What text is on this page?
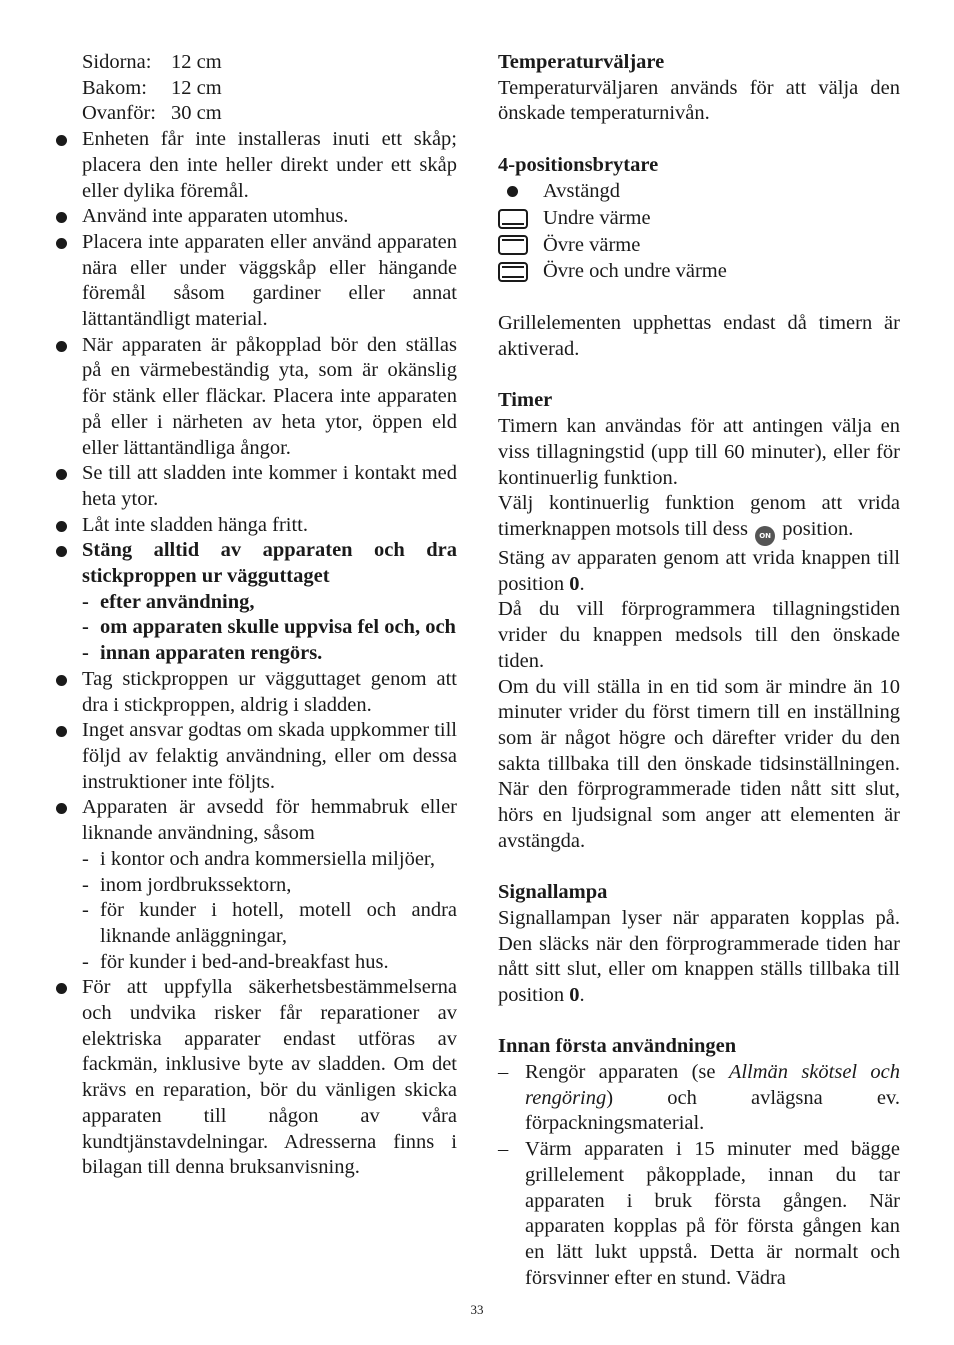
Sidorna: 12 cm
Bakom: 12 cm
Ovanför: 30 cm

Enheten får inte installeras inuti ett skåp; placera den inte heller direkt under ett skåp eller dylika föremål.

Använd inte apparaten utomhus.

Placera inte apparaten eller använd apparaten nära eller under väggskåp eller hängande föremål såsom gardiner eller annat lättantändligt material.

När apparaten är påkopplad bör den ställas på en värmebeständig yta, som är okänslig för stänk eller fläckar. Placera inte apparaten på eller i närheten av heta ytor, öppen eld eller lättantändliga ångor.

Se till att sladden inte kommer i kontakt med heta ytor.

Låt inte sladden hänga fritt.

Stäng alltid av apparaten och dra stickproppen ur vägguttaget

- efter användning,

- om apparaten skulle uppvisa fel och, och

- innan apparaten rengörs.

Tag stickproppen ur vägguttaget genom att dra i stickproppen, aldrig i sladden.

Inget ansvar godtas om skada uppkommer till följd av felaktig användning, eller om dessa instruktioner inte följts.

Apparaten är avsedd för hemmabruk eller liknande användning, såsom

- i kontor och andra kommersiella miljöer,

- inom jordbrukssektorn,

- för kunder i hotell, motell och andra liknande anläggningar,

- för kunder i bed-and-breakfast hus.

För att uppfylla säkerhetsbestämmelserna och undvika risker får reparationer av elektriska apparater endast utföras av fackmän, inklusive byte av sladden. Om det krävs en reparation, bör du vänligen skicka apparaten till någon av våra kundtjänstavdelningar. Adresserna finns i bilagan till denna bruksanvisning.

Temperaturväljare

Temperaturväljaren används för att välja den önskade temperaturnivån.

4-positionsbrytare
Avstängd
Undre värme
Övre värme
Övre och undre värme

Grillelementen upphettas endast då timern är aktiverad.

Timer

Timern kan användas för att antingen välja en viss tillagningstid (upp till 60 minuter), eller för kontinuerlig funktion.

Välj kontinuerlig funktion genom att vrida timerknappen motsols till dess ON position.

Stäng av apparaten genom att vrida knappen till position 0.

Då du vill förprogrammera tillagningstiden vrider du knappen medsols till den önskade tiden.

Om du vill ställa in en tid som är mindre än 10 minuter vrider du först timern till en inställning som är något högre och därefter vrider du den sakta tillbaka till den önskade tidsinställningen. När den förprogrammerade tiden nått sitt slut, hörs en ljudsignal som anger att elementen är avstängda.

Signallampa

Signallampan lyser när apparaten kopplas på. Den släcks när den förprogrammerade tiden har nått sitt slut, eller om knappen ställs tillbaka till position 0.

Innan första användningen

– Rengör apparaten (se Allmän skötsel och rengöring) och avlägsna ev. förpackningsmaterial.

– Värm apparaten i 15 minuter med bägge grillelement påkopplade, innan du tar apparaten i bruk första gången. När apparaten kopplas på för första gången kan en lätt lukt uppstå. Detta är normalt och försvinner efter en stund. Vädra

33
